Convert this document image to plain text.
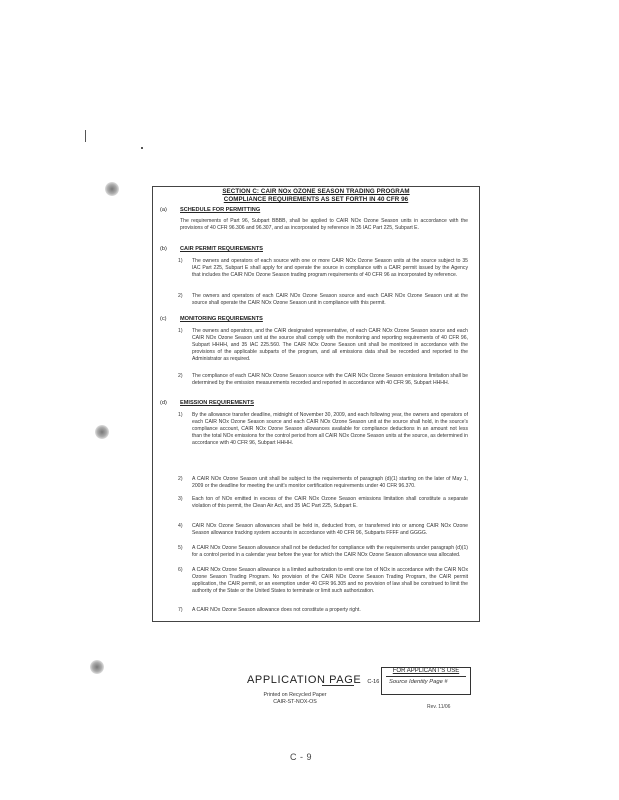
SECTION C: CAIR NOx OZONE SEASON TRADING PROGRAM
COMPLIANCE REQUIREMENTS AS SET FORTH IN 40 CFR 96
(a) SCHEDULE FOR PERMITTING
The requirements of Part 96, Subpart BBBB, shall be applied to CAIR NOx Ozone Season units in accordance with the provisions of 40 CFR 96.306 and 96.307, and as incorporated by reference in 35 IAC Part 225, Subpart E.
(b) CAIR PERMIT REQUIREMENTS
1) The owners and operators of each source with one or more CAIR NOx Ozone Season units at the source subject to 35 IAC Part 225, Subpart E shall apply for and operate the source in compliance with a CAIR permit issued by the Agency that includes the CAIR NOx Ozone Season trading program requirements of 40 CFR 96 as incorporated by reference.
2) The owners and operators of each CAIR NOx Ozone Season source and each CAIR NOx Ozone Season unit at the source shall operate the CAIR NOx Ozone Season unit in compliance with this permit.
(c) MONITORING REQUIREMENTS
1) The owners and operators, and the CAIR designated representative, of each CAIR NOx Ozone Season source and each CAIR NOx Ozone Season unit at the source shall comply with the monitoring and reporting requirements of 40 CFR 96, Subpart HHHH, and 35 IAC 225.560. The CAIR NOx Ozone Season unit shall be monitored in accordance with the provisions of the applicable subparts of the program, and all emissions data shall be recorded and reported to the Administrator as required.
2) The compliance of each CAIR NOx Ozone Season source with the CAIR NOx Ozone Season emissions limitation shall be determined by the emission measurements recorded and reported in accordance with 40 CFR 96, Subpart HHHH.
(d) EMISSION REQUIREMENTS
1) By the allowance transfer deadline, midnight of November 30, 2009, and each following year, the owners and operators of each CAIR NOx Ozone Season source and each CAIR NOx Ozone Season unit at the source shall hold, in the source's compliance account, CAIR NOx Ozone Season allowances available for compliance deductions in an amount not less than the total NOx emissions for the control period from all CAIR NOx Ozone Season units at the source, as determined in accordance with 40 CFR 96, Subpart HHHH.
2) A CAIR NOx Ozone Season unit shall be subject to the requirements of paragraph (d)(1) starting on the later of May 1, 2009 or the deadline for meeting the unit's monitor certification requirements under 40 CFR 96.370.
3) Each ton of NOx emitted in excess of the CAIR NOx Ozone Season emissions limitation shall constitute a separate violation of this permit, the Clean Air Act, and 35 IAC Part 225, Subpart E.
4) CAIR NOx Ozone Season allowances shall be held in, deducted from, or transferred into or among CAIR NOx Ozone Season allowance tracking system accounts in accordance with 40 CFR 96, Subparts FFFF and GGGG.
5) A CAIR NOx Ozone Season allowance shall not be deducted for compliance with the requirements under paragraph (d)(1) for a control period in a calendar year before the year for which the CAIR NOx Ozone Season allowance was allocated.
6) A CAIR NOx Ozone Season allowance is a limited authorization to emit one ton of NOx in accordance with the CAIR NOx Ozone Season Trading Program. No provision of the CAIR NOx Ozone Season Trading Program, the CAIR permit application, the CAIR permit, or an exemption under 40 CFR 96.305 and no provision of law shall be construed to limit the authority of the State or the United States to terminate or limit such authorization.
7) A CAIR NOx Ozone Season allowance does not constitute a property right.
APPLICATION PAGE C-16
Printed on Recycled Paper
CAIR-ST-NOX-OS
FOR APPLICANT'S USE
Source Identity Page #
Rev. 11/06
C - 9
